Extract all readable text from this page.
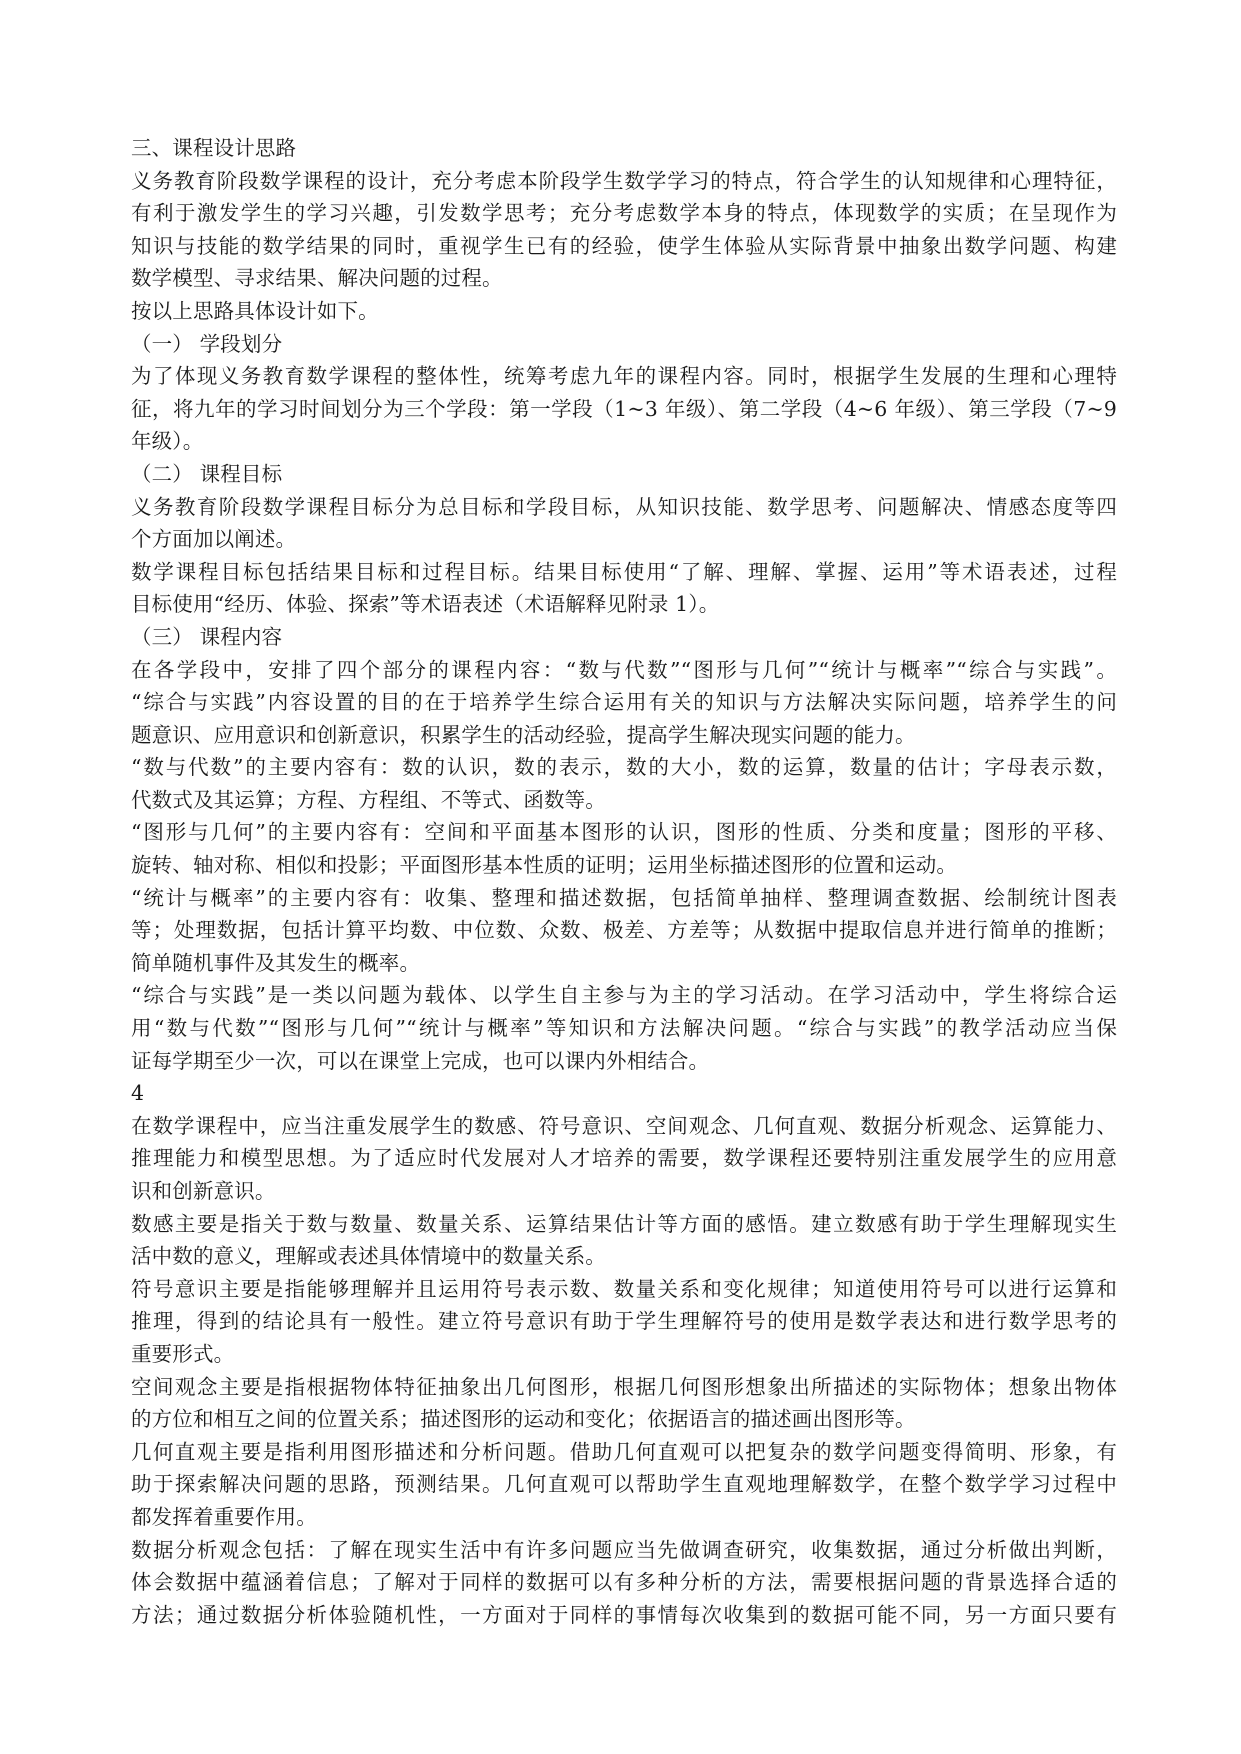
三、课程设计思路
义务教育阶段数学课程的设计，充分考虑本阶段学生数学学习的特点，符合学生的认知规律和心理特征，
有利于激发学生的学习兴趣，引发数学思考；充分考虑数学本身的特点，体现数学的实质；在呈现作为
知识与技能的数学结果的同时，重视学生已有的经验，使学生体验从实际背景中抽象出数学问题、构建
数学模型、寻求结果、解决问题的过程。
按以上思路具体设计如下。
（一） 学段划分
为了体现义务教育数学课程的整体性，统筹考虑九年的课程内容。同时，根据学生发展的生理和心理特
征，将九年的学习时间划分为三个学段：第一学段（1~3 年级）、第二学段（4~6 年级）、第三学段（7~9
年级）。
（二） 课程目标
义务教育阶段数学课程目标分为总目标和学段目标，从知识技能、数学思考、问题解决、情感态度等四
个方面加以阐述。
数学课程目标包括结果目标和过程目标。结果目标使用“了解、理解、掌握、运用”等术语表述，过程
目标使用“经历、体验、探索”等术语表述（术语解释见附录 1）。
（三） 课程内容
在各学段中，安排了四个部分的课程内容：“数与代数”“图形与几何”“统计与概率”“综合与实践”。
“综合与实践”内容设置的目的在于培养学生综合运用有关的知识与方法解决实际问题，培养学生的问
题意识、应用意识和创新意识，积累学生的活动经验，提高学生解决现实问题的能力。
“数与代数”的主要内容有：数的认识，数的表示，数的大小，数的运算，数量的估计；字母表示数，
代数式及其运算；方程、方程组、不等式、函数等。
“图形与几何”的主要内容有：空间和平面基本图形的认识，图形的性质、分类和度量；图形的平移、
旋转、轴对称、相似和投影；平面图形基本性质的证明；运用坐标描述图形的位置和运动。
“统计与概率”的主要内容有：收集、整理和描述数据，包括简单抽样、整理调查数据、绘制统计图表
等；处理数据，包括计算平均数、中位数、众数、极差、方差等；从数据中提取信息并进行简单的推断；
简单随机事件及其发生的概率。
“综合与实践”是一类以问题为载体、以学生自主参与为主的学习活动。在学习活动中，学生将综合运
用“数与代数”“图形与几何”“统计与概率”等知识和方法解决问题。“综合与实践”的教学活动应当保
证每学期至少一次，可以在课堂上完成，也可以课内外相结合。
4
在数学课程中，应当注重发展学生的数感、符号意识、空间观念、几何直观、数据分析观念、运算能力、
推理能力和模型思想。为了适应时代发展对人才培养的需要，数学课程还要特别注重发展学生的应用意
识和创新意识。
数感主要是指关于数与数量、数量关系、运算结果估计等方面的感悟。建立数感有助于学生理解现实生
活中数的意义，理解或表述具体情境中的数量关系。
符号意识主要是指能够理解并且运用符号表示数、数量关系和变化规律；知道使用符号可以进行运算和
推理，得到的结论具有一般性。建立符号意识有助于学生理解符号的使用是数学表达和进行数学思考的
重要形式。
空间观念主要是指根据物体特征抽象出几何图形，根据几何图形想象出所描述的实际物体；想象出物体
的方位和相互之间的位置关系；描述图形的运动和变化；依据语言的描述画出图形等。
几何直观主要是指利用图形描述和分析问题。借助几何直观可以把复杂的数学问题变得简明、形象，有
助于探索解决问题的思路，预测结果。几何直观可以帮助学生直观地理解数学，在整个数学学习过程中
都发挥着重要作用。
数据分析观念包括：了解在现实生活中有许多问题应当先做调查研究，收集数据，通过分析做出判断，
体会数据中蕴涵着信息；了解对于同样的数据可以有多种分析的方法，需要根据问题的背景选择合适的
方法；通过数据分析体验随机性，一方面对于同样的事情每次收集到的数据可能不同，另一方面只要有
